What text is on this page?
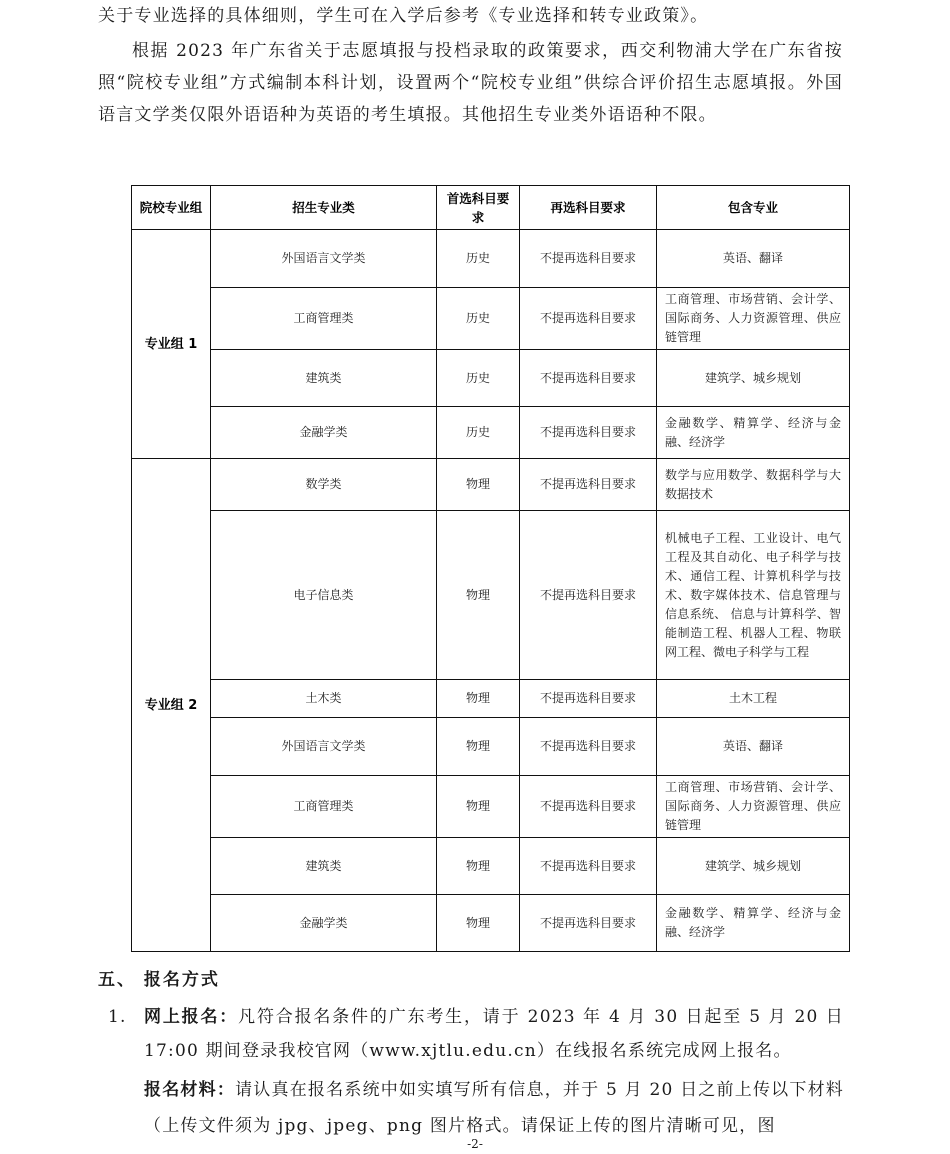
关于专业选择的具体细则，学生可在入学后参考《专业选择和转专业政策》。
根据 2023 年广东省关于志愿填报与投档录取的政策要求，西交利物浦大学在广东省按照“院校专业组”方式编制本科计划，设置两个“院校专业组”供综合评价招生志愿填报。外国语言文学类仅限外语语种为英语的考生填报。其他招生专业类外语语种不限。
院校专业组	招生专业类	首选科目要求	再选科目要求	包含专业
专业组 1	外国语言文学类	历史	不提再选科目要求	英语、翻译
	工商管理类	历史	不提再选科目要求	工商管理、市场营销、会计学、国际商务、人力资源管理、供应链管理
	建筑类	历史	不提再选科目要求	建筑学、城乡规划
	金融学类	历史	不提再选科目要求	金融数学、精算学、经济与金融、经济学
专业组 2	数学类	物理	不提再选科目要求	数学与应用数学、数据科学与大数据技术
	电子信息类	物理	不提再选科目要求	机械电子工程、工业设计、电气工程及其自动化、电子科学与技术、通信工程、计算机科学与技术、数字媒体技术、信息管理与信息系统、 信息与计算科学、智能制造工程、机器人工程、物联网工程、微电子科学与工程
	土木类	物理	不提再选科目要求	土木工程
	外国语言文学类	物理	不提再选科目要求	英语、翻译
	工商管理类	物理	不提再选科目要求	工商管理、市场营销、会计学、国际商务、人力资源管理、供应链管理
	建筑类	物理	不提再选科目要求	建筑学、城乡规划
	金融学类	物理	不提再选科目要求	金融数学、精算学、经济与金融、经济学
五、 报名方式
1. 网上报名：凡符合报名条件的广东考生，请于 2023 年 4 月 30 日起至 5 月 20 日 17:00 期间登录我校官网（www.xjtlu.edu.cn）在线报名系统完成网上报名。
报名材料：请认真在报名系统中如实填写所有信息，并于 5 月 20 日之前上传以下材料（上传文件须为 jpg、jpeg、png 图片格式。请保证上传的图片清晰可见，图
-2-
